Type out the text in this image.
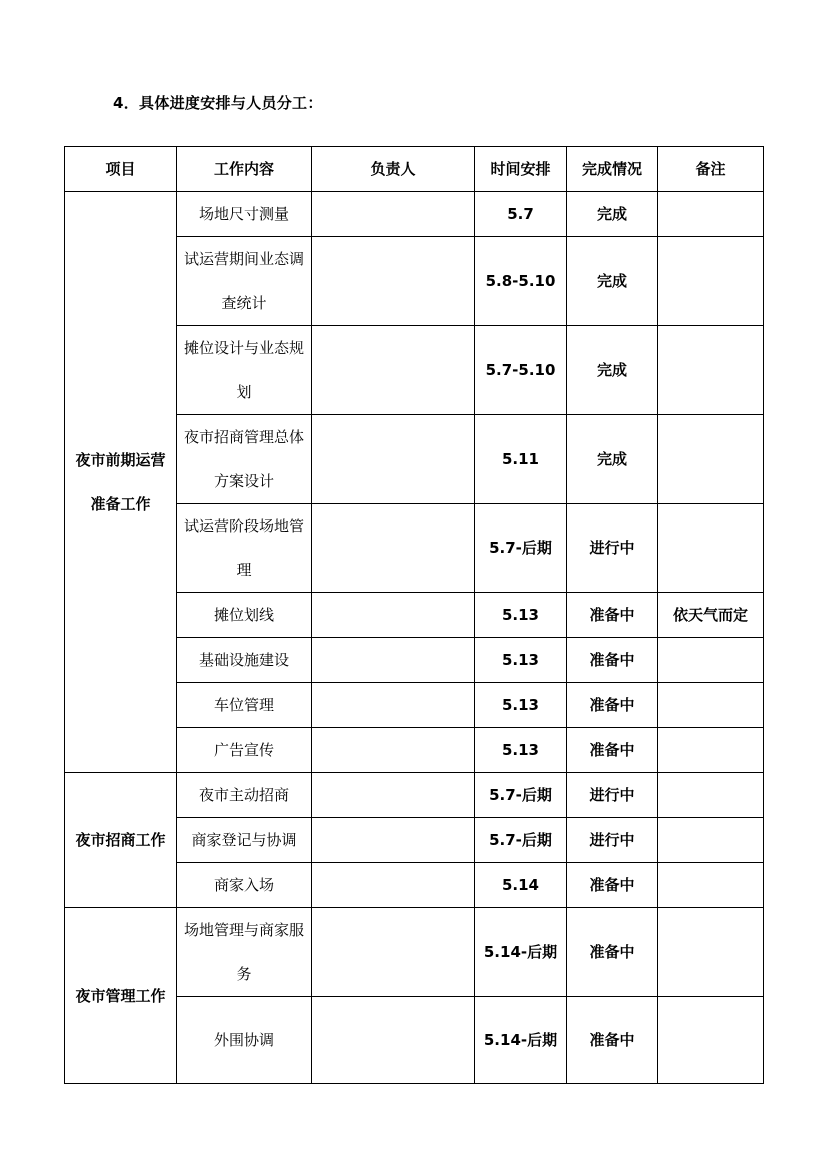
4．具体进度安排与人员分工：
项目	工作内容	负责人	时间安排	完成情况	备注
夜市前期运营准备工作	场地尺寸测量		5.7	完成	
	试运营期间业态调查统计		5.8-5.10	完成	
	摊位设计与业态规划		5.7-5.10	完成	
	夜市招商管理总体方案设计		5.11	完成	
	试运营阶段场地管理		5.7-后期	进行中	
	摊位划线		5.13	准备中	依天气而定
	基础设施建设		5.13	准备中	
	车位管理		5.13	准备中	
	广告宣传		5.13	准备中	
夜市招商工作	夜市主动招商		5.7-后期	进行中	
	商家登记与协调		5.7-后期	进行中	
	商家入场		5.14	准备中	
夜市管理工作	场地管理与商家服务		5.14-后期	准备中	
	外围协调		5.14-后期	准备中	
